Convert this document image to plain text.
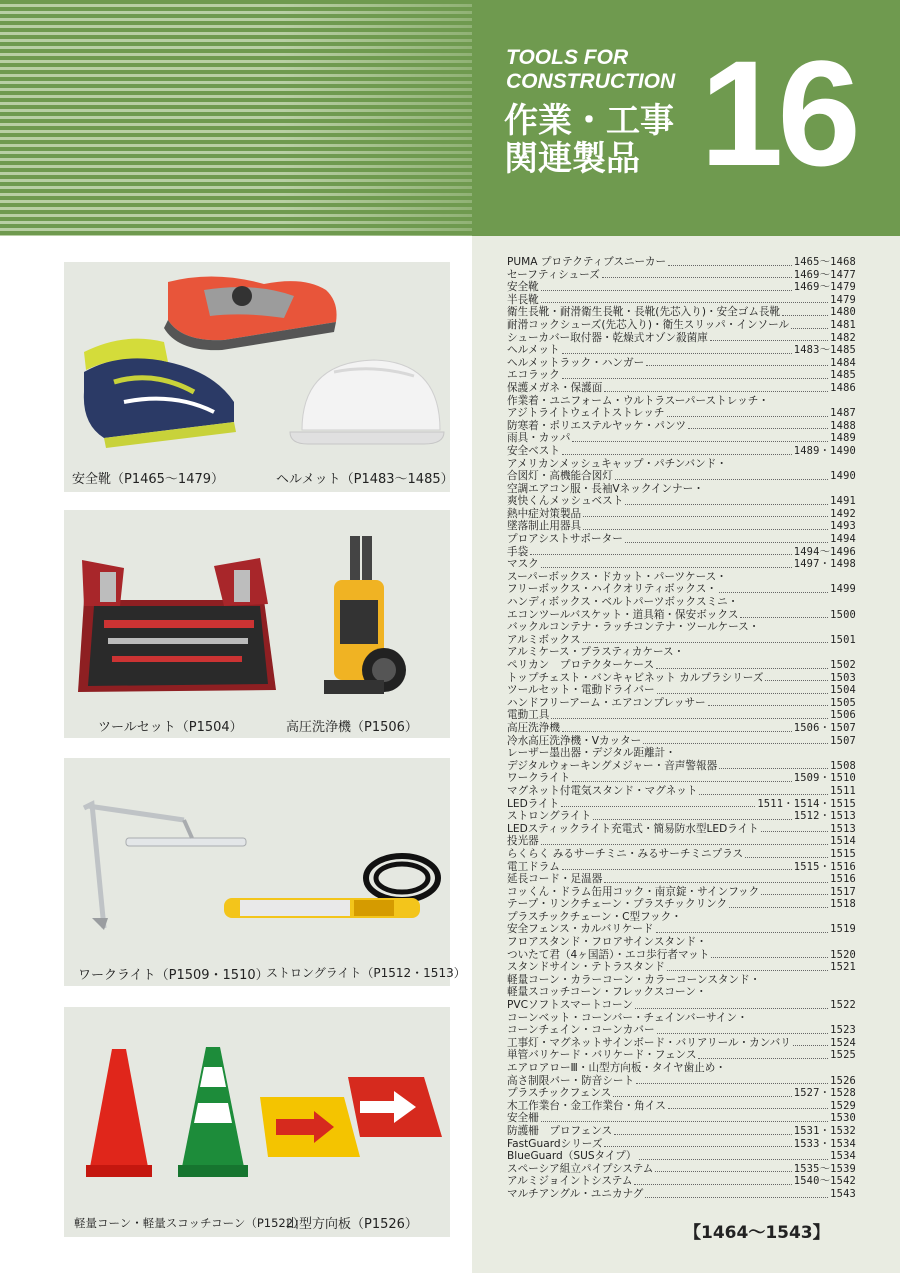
TOOLS FOR
CONSTRUCTION
作業・工事
関連製品 16
安全靴（P1465〜1479）	ヘルメット（P1483〜1485）
ツールセット（P1504）	高圧洗浄機（P1506）
ワークライト（P1509・1510）
ストロングライト（P1512・1513）
軽量コーン・軽量スコッチコーン（P1522）
山型方向板（P1526）
PUMA プロテクティブスニーカー	1465〜1468
セーフティシューズ	1469〜1477
安全靴	1469〜1479
半長靴	1479
衛生長靴・耐滑衛生長靴・長靴(先芯入り)・安全ゴム長靴	1480
耐滑コックシューズ(先芯入り)・衛生スリッパ・インソール	1481
シューカバー取付器・乾燥式オゾン殺菌庫	1482
ヘルメット	1483〜1485
ヘルメットラック・ハンガー	1484
エコラック	1485
保護メガネ・保護面	1486
作業着・ユニフォーム・ウルトラスーパーストレッチ・
アジトライトウェイトストレッチ	1487
防寒着・ポリエステルヤッケ・パンツ	1488
雨具・カッパ	1489
安全ベスト	1489・1490
アメリカンメッシュキャップ・パチンバンド・
合図灯・高機能合図灯	1490
空調エアコン服・長袖Vネックインナー・
爽快くんメッシュベスト	1491
熱中症対策製品	1492
墜落制止用器具	1493
プロアシストサポーター	1494
手袋	1494〜1496
マスク	1497・1498
スーパーボックス・ドカット・パーツケース・
フリーボックス・ハイクオリティボックス・	1499
ハンディボックス・ベルトパーツボックスミニ・
エコンツールバスケット・道具箱・保安ボックス	1500
バックルコンテナ・ラッチコンテナ・ツールケース・
アルミボックス	1501
アルミケース・プラスティカケース・
ペリカン　プロテクターケース	1502
トップチェスト・バンキャビネット カルプラシリーズ	1503
ツールセット・電動ドライバー	1504
ハンドフリーアーム・エアコンプレッサー	1505
電動工具	1506
高圧洗浄機	1506・1507
冷水高圧洗浄機・Vカッター	1507
レーザー墨出器・デジタル距離計・
デジタルウォーキングメジャー・音声警報器	1508
ワークライト	1509・1510
マグネット付電気スタンド・マグネット	1511
LEDライト	1511・1514・1515
ストロングライト	1512・1513
LEDスティックライト充電式・簡易防水型LEDライト	1513
投光器	1514
らくらく みるサーチミニ・みるサーチミニプラス	1515
電工ドラム	1515・1516
延長コード・足温器	1516
コッくん・ドラム缶用コック・南京錠・サインフック	1517
テープ・リンクチェーン・プラスチックリンク	1518
プラスチックチェーン・C型フック・
安全フェンス・カルバリケード	1519
フロアスタンド・フロアサインスタンド・
ついたて君（4ヶ国語）・エコ歩行者マット	1520
スタンドサイン・テトラスタンド	1521
軽量コーン・カラーコーン・カラーコーンスタンド・
軽量スコッチコーン・フレックスコーン・
PVCソフトスマートコーン	1522
コーンベット・コーンバー・チェインバーサイン・
コーンチェイン・コーンカバー	1523
工事灯・マグネットサインボード・バリアリール・カンバリ	1524
単管バリケード・バリケード・フェンス	1525
エアロアローⅢ・山型方向板・タイヤ歯止め・
高さ制限バー・防音シート	1526
プラスチックフェンス	1527・1528
木工作業台・金工作業台・角イス	1529
安全柵	1530
防護柵　プロフェンス	1531・1532
FastGuardシリーズ	1533・1534
BlueGuard（SUSタイプ）	1534
スペーシア組立パイプシステム	1535〜1539
アルミジョイントシステム	1540〜1542
マルチアングル・ユニカナグ	1543
【1464〜1543】
